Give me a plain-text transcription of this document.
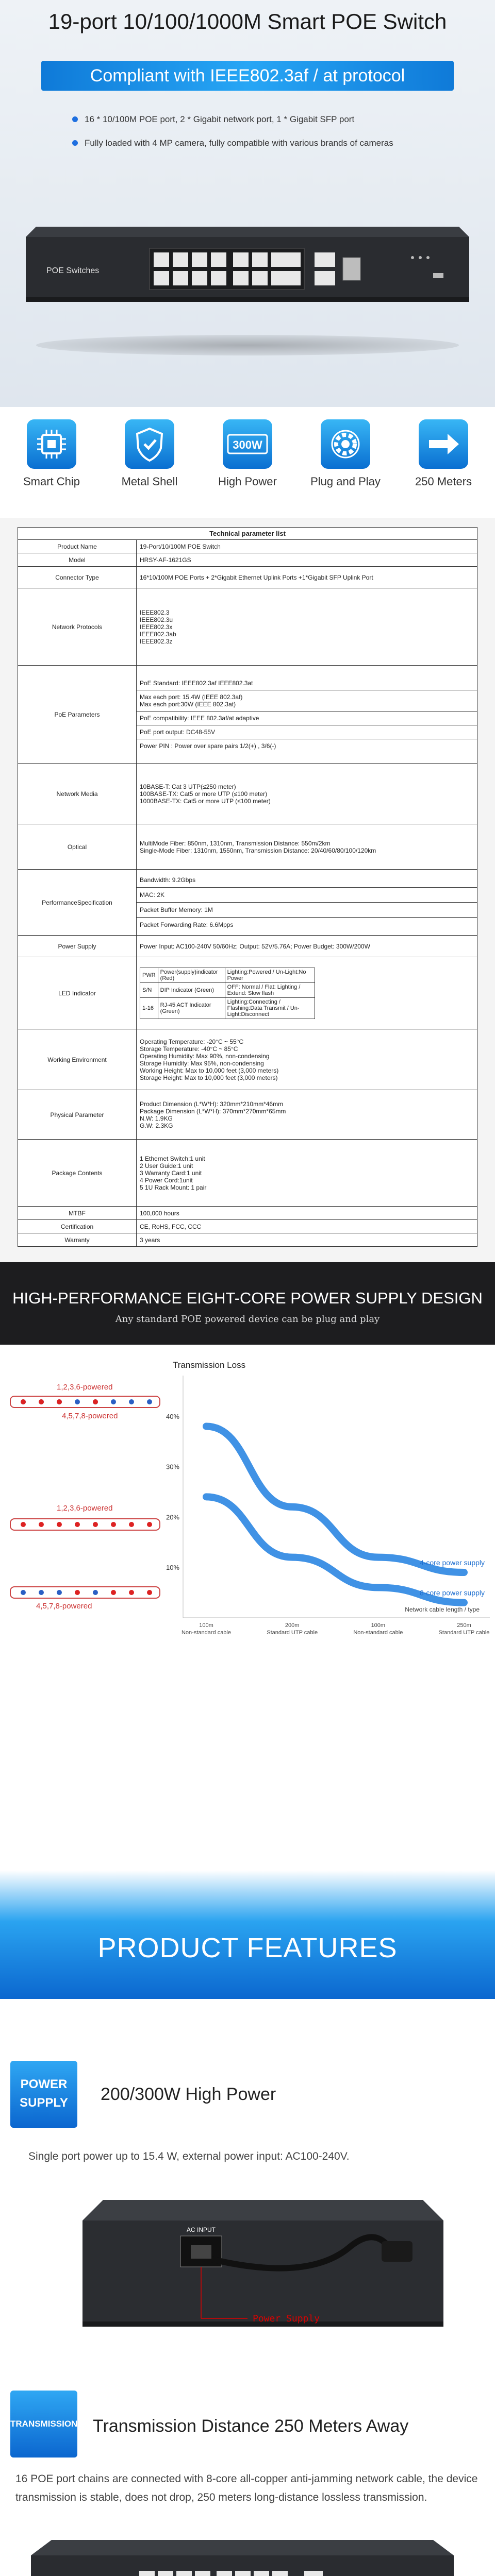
19-port 10/100/1000M Smart POE Switch
Compliant with IEEE802.3af / at protocol
16 * 10/100M POE port, 2 * Gigabit network port, 1 * Gigabit SFP port
Fully loaded with 4 MP camera, fully compatible with various brands of cameras
POE Switches
Smart Chip	Metal Shell
300W
High Power	Plug and Play	250 Meters
Technical parameter list
Product Name	19-Port/10/100M POE Switch
Model	HRSY-AF-1621GS
Connector Type	16*10/100M POE Ports + 2*Gigabit Ethernet Uplink Ports +1*Gigabit SFP Uplink Port
Network Protocols	
IEEE802.3
IEEE802.3u
IEEE802.3x
IEEE802.3ab
IEEE802.3z

PoE Parameters	
PoE Standard: IEEE802.3af IEEE802.3at
Max each port: 15.4W (IEEE 802.3af)
Max each port:30W (IEEE 802.3at)
PoE compatibility: IEEE 802.3af/at adaptive
PoE port output: DC48-55V
Power PIN : Power over spare pairs 1/2(+) , 3/6(-)

Network Media	
10BASE-T: Cat 3 UTP(≤250 meter)
100BASE-TX: Cat5 or more UTP (≤100 meter)
1000BASE-TX: Cat5 or more UTP (≤100 meter)

Optical	MultiMode Fiber: 850nm, 1310nm, Transmission Distance: 550m/2km
Single-Mode Fiber: 1310nm, 1550nm, Transmission Distance: 20/40/60/80/100/120km

PerformanceSpecification	
Bandwidth: 9.2Gbps
MAC: 2K
Packet Buffer Memory: 1M
Packet Forwarding Rate: 6.6Mpps

Power Supply	Power Input: AC100-240V 50/60Hz; Output: 52V/5.76A; Power Budget: 300W/200W
LED Indicator	
PWR	Power(supply)indicator (Red)	Lighting:Powered / Un-Light:No Power
S/N	DIP Indicator (Green)	OFF: Normal / Flat: Lighting / Extend: Slow flash
1-16	RJ-45 ACT Indicator (Green)	Lighting:Connecting / Flashing:Data Transmit / Un-Light:Disconnect

Working Environment	
Operating Temperature: -20°C ~ 55°C
Storage Temperature: -40°C ~ 85°C
Operating Humidity: Max 90%, non-condensing
Storage Humidity: Max 95%, non-condensing
Working Height: Max to 10,000 feet (3,000 meters)
Storage Height: Max to 10,000 feet (3,000 meters)

Physical Parameter	
Product Dimension (L*W*H): 320mm*210mm*46mm
Package Dimension (L*W*H): 370mm*270mm*65mm
N.W: 1.9KG
G.W: 2.3KG

Package Contents	
1 Ethernet Switch:1 unit
2 User Guide:1 unit
3 Warranty Card:1 unit
4 Power Cord:1unit
5 1U Rack Mount: 1 pair

MTBF	100,000 hours
Certification	CE, RoHS, FCC, CCC
Warranty	3 years
HIGH-PERFORMANCE EIGHT-CORE POWER SUPPLY DESIGN
Any standard POE powered device can be plug and play
1,2,3,6-powered
4,5,7,8-powered
1,2,3,6-powered
4,5,7,8-powered
Transmission Loss
Network cable length / type
40%
30%
20%
10%
100m Non-standard cable
200m Standard UTP cable
100m Non-standard cable
250m Standard UTP cable
4-core power supply
8-core power supply
PRODUCT FEATURES
POWER
SUPPLY	200/300W High Power
Single port power up to 15.4 W, external power input: AC100-240V.
AC INPUT
Power Supply
TRANSMISSION Transmission Distance 250 Meters Away
16 POE port chains are connected with 8-core all-copper anti-jamming network cable, the device transmission is stable, does not drop, 250 meters long-distance lossless transmission.
